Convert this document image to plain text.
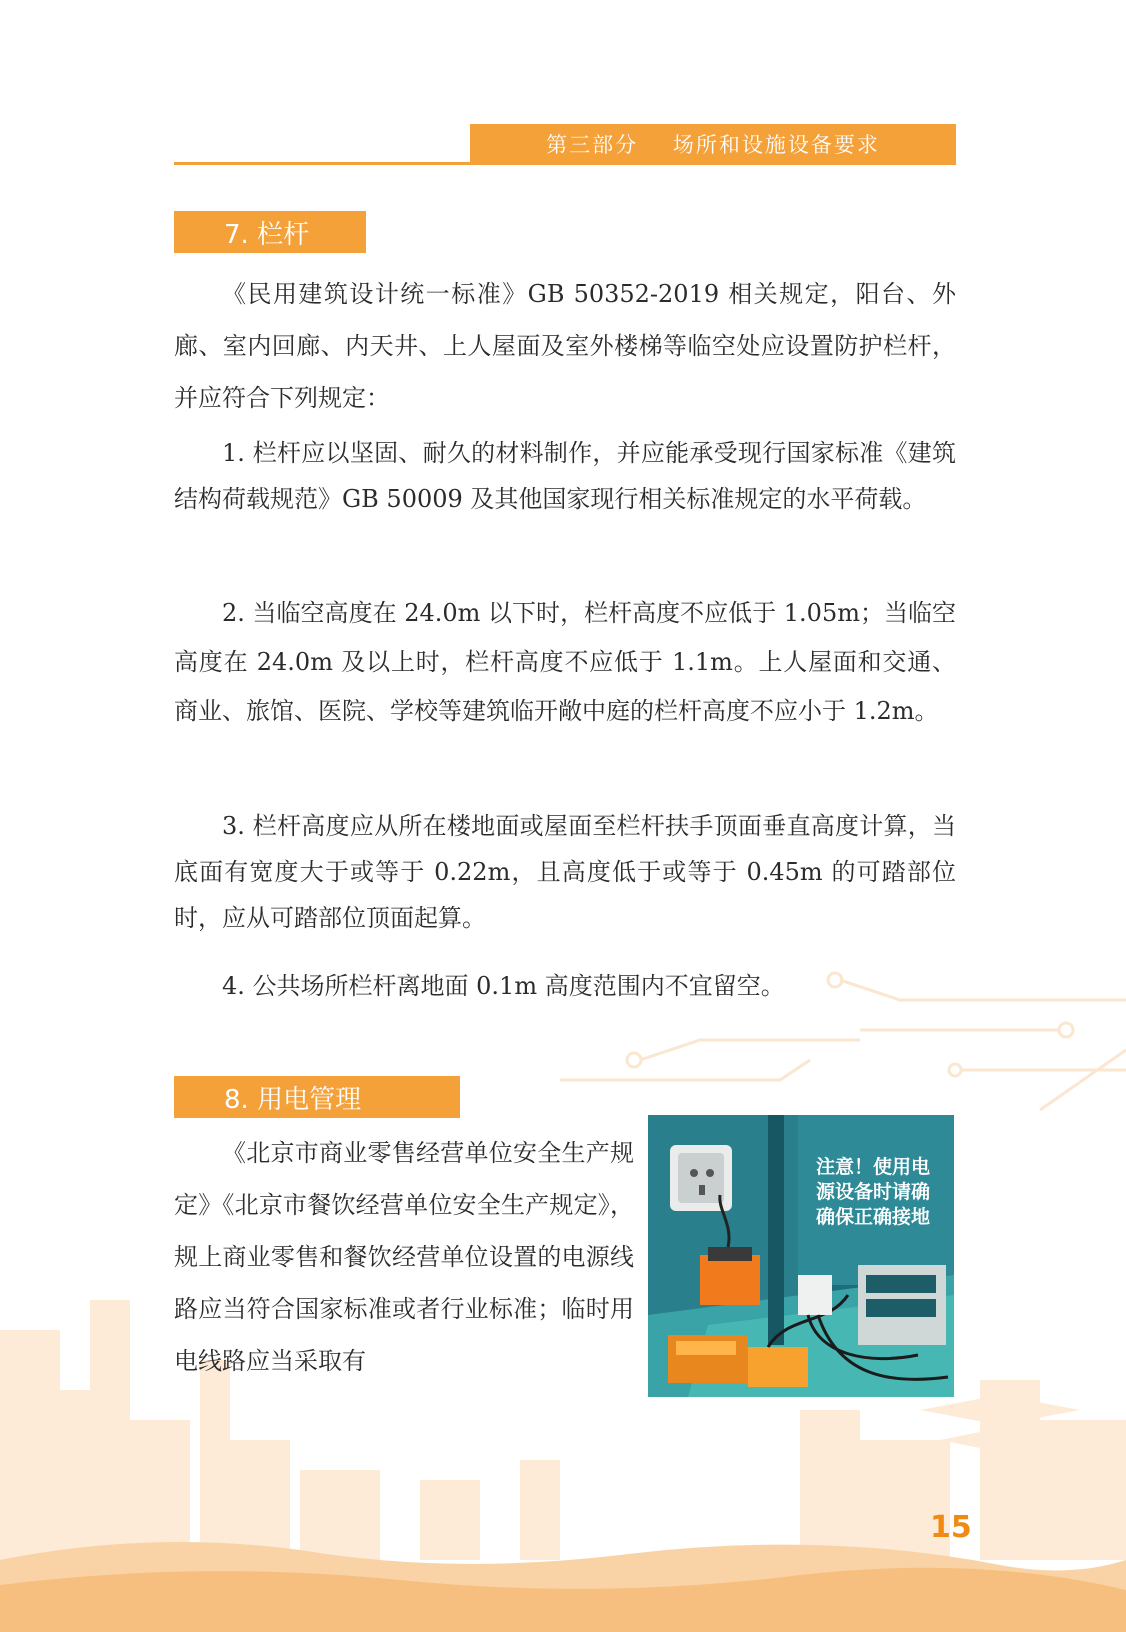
第三部分    场所和设施设备要求
7. 栏杆

《民用建筑设计统一标准》GB 50352-2019 相关规定，阳台、外廊、室内回廊、内天井、上人屋面及室外楼梯等临空处应设置防护栏杆，并应符合下列规定：

1. 栏杆应以坚固、耐久的材料制作，并应能承受现行国家标准《建筑结构荷载规范》GB 50009 及其他国家现行相关标准规定的水平荷载。

2. 当临空高度在 24.0m 以下时，栏杆高度不应低于 1.05m；当临空高度在 24.0m 及以上时，栏杆高度不应低于 1.1m。上人屋面和交通、商业、旅馆、医院、学校等建筑临开敞中庭的栏杆高度不应小于 1.2m。

3. 栏杆高度应从所在楼地面或屋面至栏杆扶手顶面垂直高度计算，当底面有宽度大于或等于 0.22m，且高度低于或等于 0.45m 的可踏部位时，应从可踏部位顶面起算。

4. 公共场所栏杆离地面 0.1m 高度范围内不宜留空。

8. 用电管理

《北京市商业零售经营单位安全生产规定》《北京市餐饮经营单位安全生产规定》， 规上商业零售和餐饮经营单位设置的电源线路应当符合国家标准或者行业标准；临时用电线路应当采取有

注意！使用电源设备时请确确保正确接地
15
